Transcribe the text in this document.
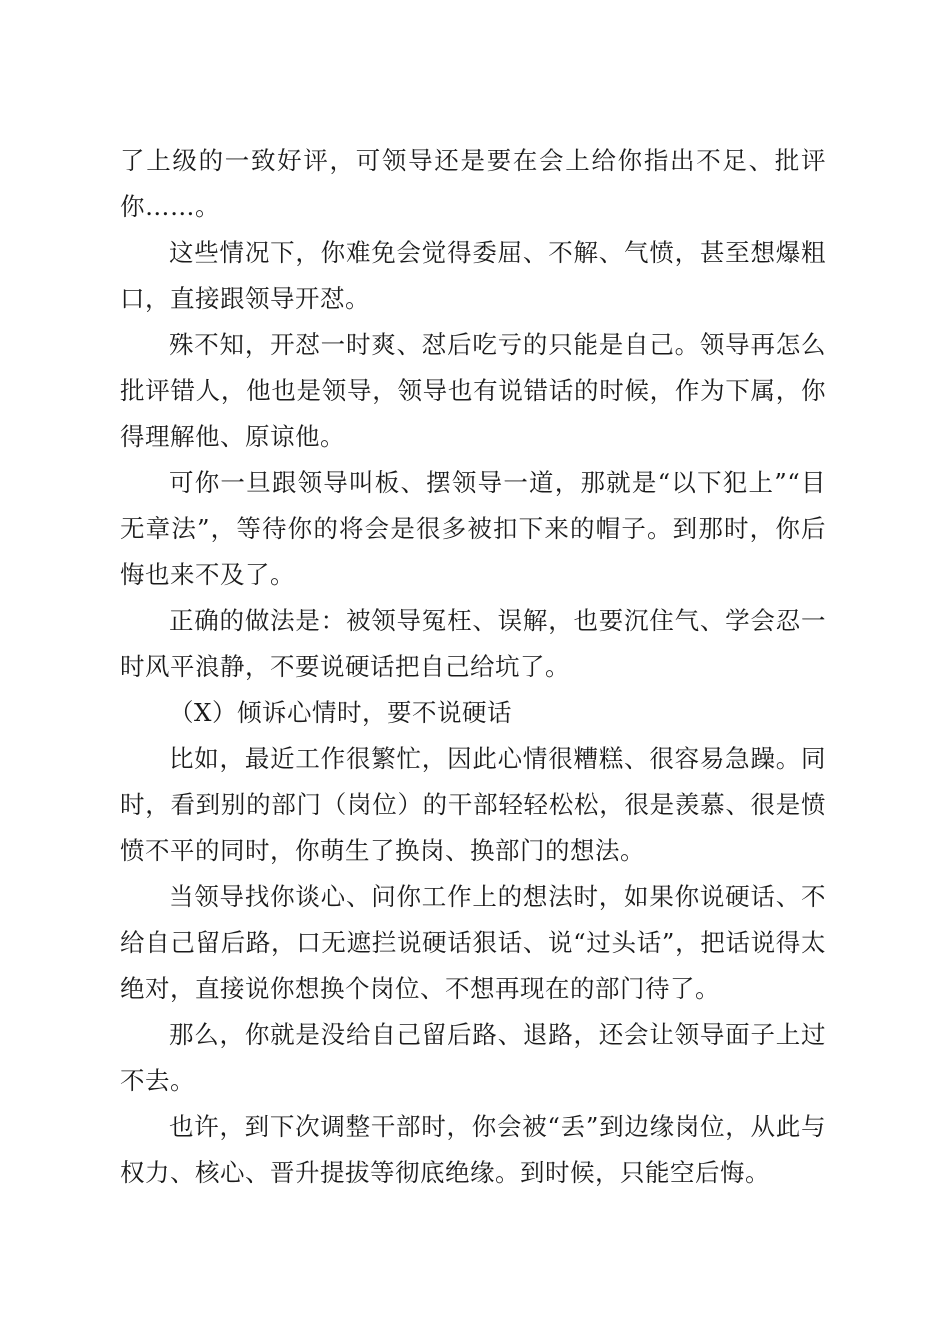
了上级的一致好评，可领导还是要在会上给你指出不足、批评你……。

这些情况下，你难免会觉得委屈、不解、气愤，甚至想爆粗口，直接跟领导开怼。

殊不知，开怼一时爽、怼后吃亏的只能是自己。领导再怎么批评错人，他也是领导，领导也有说错话的时候，作为下属，你得理解他、原谅他。

可你一旦跟领导叫板、摆领导一道，那就是“以下犯上”“目无章法”，等待你的将会是很多被扣下来的帽子。到那时，你后悔也来不及了。

正确的做法是：被领导冤枉、误解，也要沉住气、学会忍一时风平浪静，不要说硬话把自己给坑了。

（X）倾诉心情时，要不说硬话

比如，最近工作很繁忙，因此心情很糟糕、很容易急躁。同时，看到别的部门（岗位）的干部轻轻松松，很是羡慕、很是愤愤不平的同时，你萌生了换岗、换部门的想法。

当领导找你谈心、问你工作上的想法时，如果你说硬话、不给自己留后路，口无遮拦说硬话狠话、说“过头话”，把话说得太绝对，直接说你想换个岗位、不想再现在的部门待了。

那么，你就是没给自己留后路、退路，还会让领导面子上过不去。

也许，到下次调整干部时，你会被“丢”到边缘岗位，从此与权力、核心、晋升提拔等彻底绝缘。到时候，只能空后悔。
